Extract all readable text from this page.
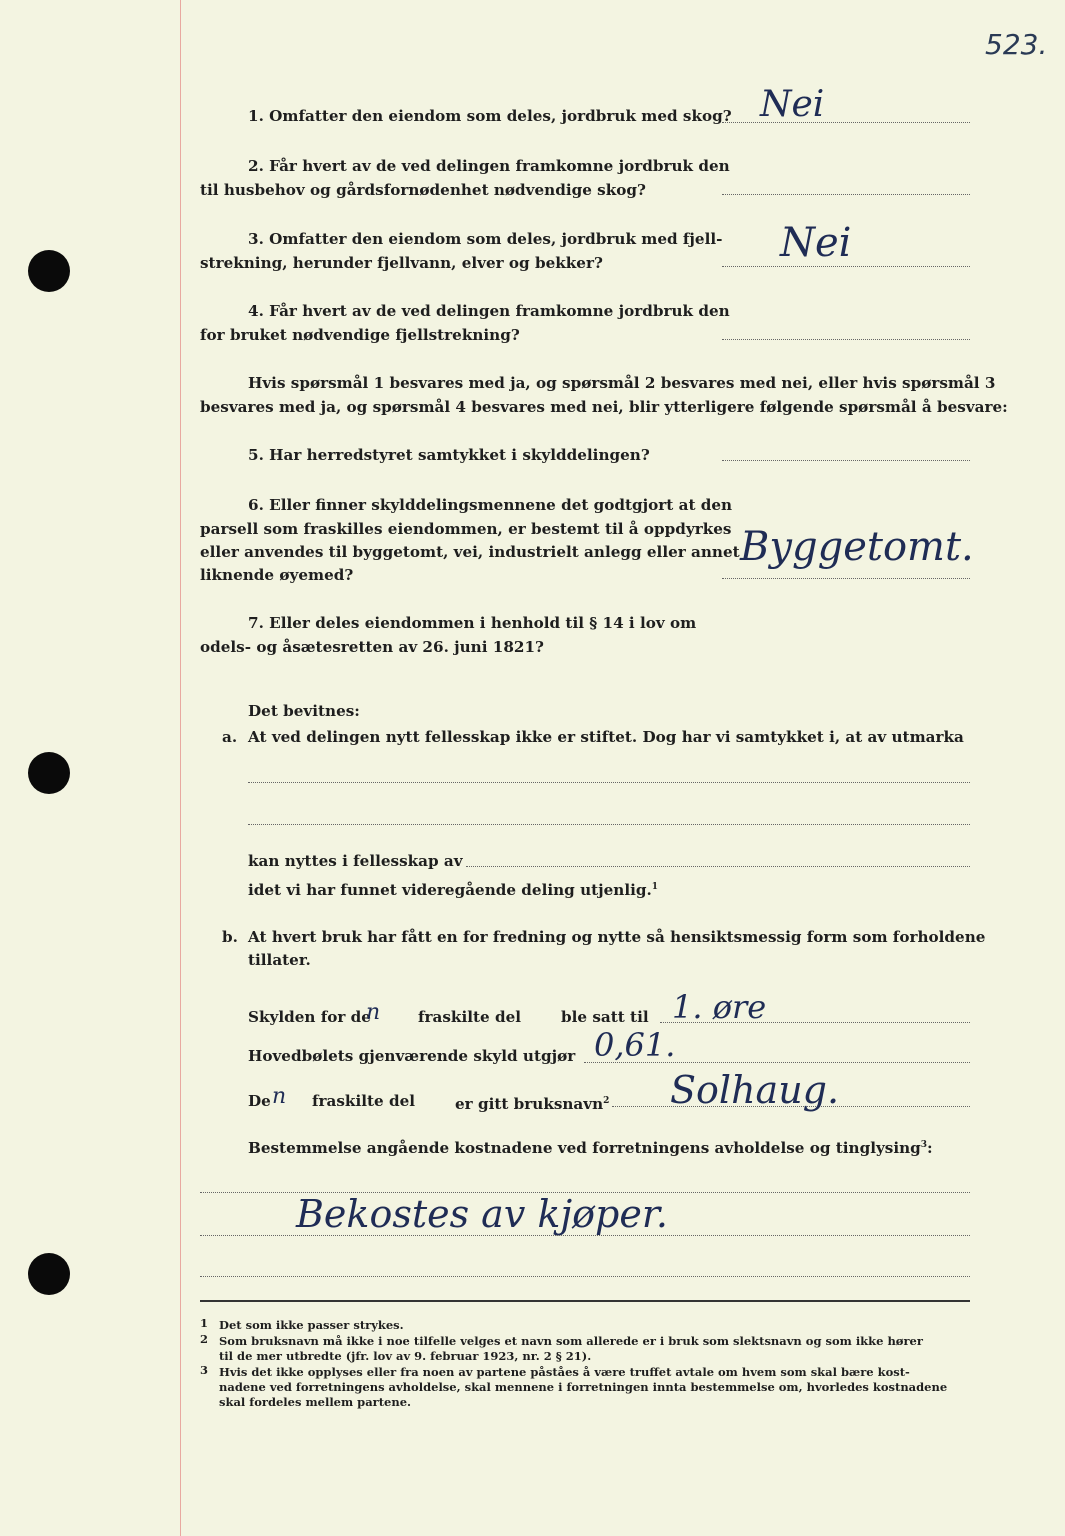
523.
1. Omfatter den eiendom som deles, jordbruk med skog? Nei
2. Får hvert av de ved delingen framkomne jordbruk den
til husbehov og gårdsfornødenhet nødvendige skog?
3. Omfatter den eiendom som deles, jordbruk med fjell-
strekning, herunder fjellvann, elver og bekker?	Nei
4. Får hvert av de ved delingen framkomne jordbruk den
for bruket nødvendige fjellstrekning?
Hvis spørsmål 1 besvares med ja, og spørsmål 2 besvares med nei, eller hvis spørsmål 3
besvares med ja, og spørsmål 4 besvares med nei, blir ytterligere følgende spørsmål å besvare:
5. Har herredstyret samtykket i skylddelingen?
6. Eller finner skylddelingsmennene det godtgjort at den
parsell som fraskilles eiendommen, er bestemt til å oppdyrkes
eller anvendes til byggetomt, vei, industrielt anlegg eller annet
liknende øyemed?
Byggetomt.
7. Eller deles eiendommen i henhold til § 14 i lov om
odels- og åsætesretten av 26. juni 1821?
Det bevitnes:
a. At ved delingen nytt fellesskap ikke er stiftet. Dog har vi samtykket i, at av utmarka
kan nyttes i fellesskap av
idet vi har funnet videregående deling utjenlig.$^1$
b. At hvert bruk har fått en for fredning og nytte så hensiktsmessig form som forholdene
tillater.
Skylden for de
n fraskilte del	ble satt til 1. øre
Hovedbølets gjenværende skyld utgjør 0,61.
De n fraskilte del	er gitt bruksnavn$^2$ Solhaug.
Bestemmelse angående kostnadene ved forretningens avholdelse og tinglysing$^3$:
Bekostes av kjøper.
1 Det som ikke passer strykes.
2 Som bruksnavn må ikke i noe tilfelle velges et navn som allerede er i bruk som slektsnavn og som ikke hører
til de mer utbredte (jfr. lov av 9. februar 1923, nr. 2 § 21).
3 Hvis det ikke opplyses eller fra noen av partene påståes å være truffet avtale om hvem som skal bære kost-
nadene ved forretningens avholdelse, skal mennene i forretningen innta bestemmelse om, hvorledes kostnadene
skal fordeles mellem partene.
